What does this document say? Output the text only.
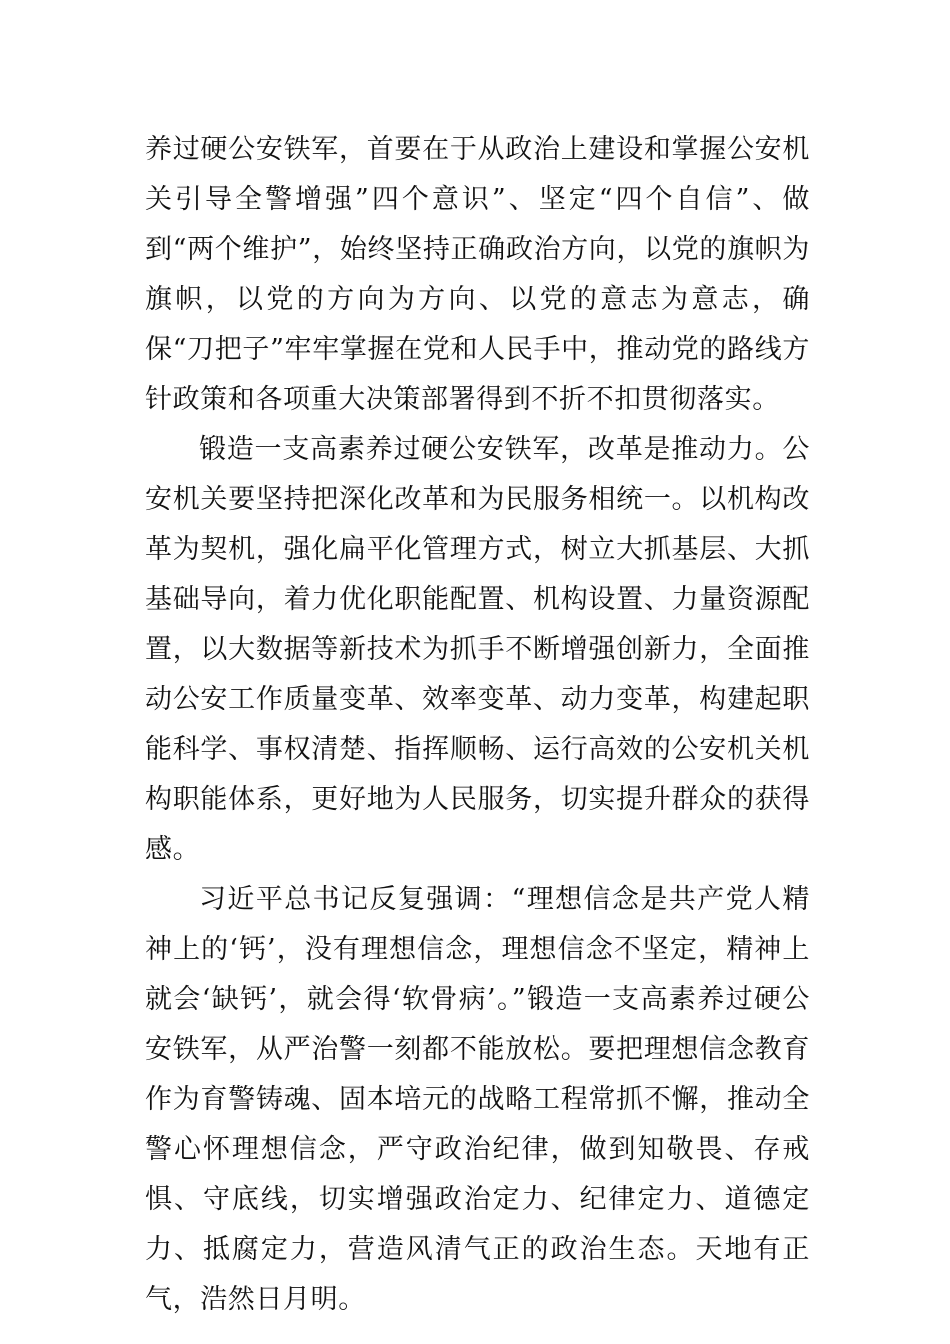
养过硬公安铁军，首要在于从政治上建设和掌握公安机关引导全警增强”四个意识”、坚定“四个自信”、做到“两个维护”，始终坚持正确政治方向，以党的旗帜为旗帜，以党的方向为方向、以党的意志为意志，确保“刀把子”牢牢掌握在党和人民手中，推动党的路线方针政策和各项重大决策部署得到不折不扣贯彻落实。

锻造一支高素养过硬公安铁军，改革是推动力。公安机关要坚持把深化改革和为民服务相统一。以机构改革为契机，强化扁平化管理方式，树立大抓基层、大抓基础导向，着力优化职能配置、机构设置、力量资源配置，以大数据等新技术为抓手不断增强创新力，全面推动公安工作质量变革、效率变革、动力变革，构建起职能科学、事权清楚、指挥顺畅、运行高效的公安机关机构职能体系，更好地为人民服务，切实提升群众的获得感。

习近平总书记反复强调：“理想信念是共产党人精神上的‘钙’，没有理想信念，理想信念不坚定，精神上就会‘缺钙’，就会得‘软骨病’。”锻造一支高素养过硬公安铁军，从严治警一刻都不能放松。要把理想信念教育作为育警铸魂、固本培元的战略工程常抓不懈，推动全警心怀理想信念，严守政治纪律，做到知敬畏、存戒惧、守底线，切实增强政治定力、纪律定力、道德定力、抵腐定力，营造风清气正的政治生态。天地有正气，浩然日月明。
